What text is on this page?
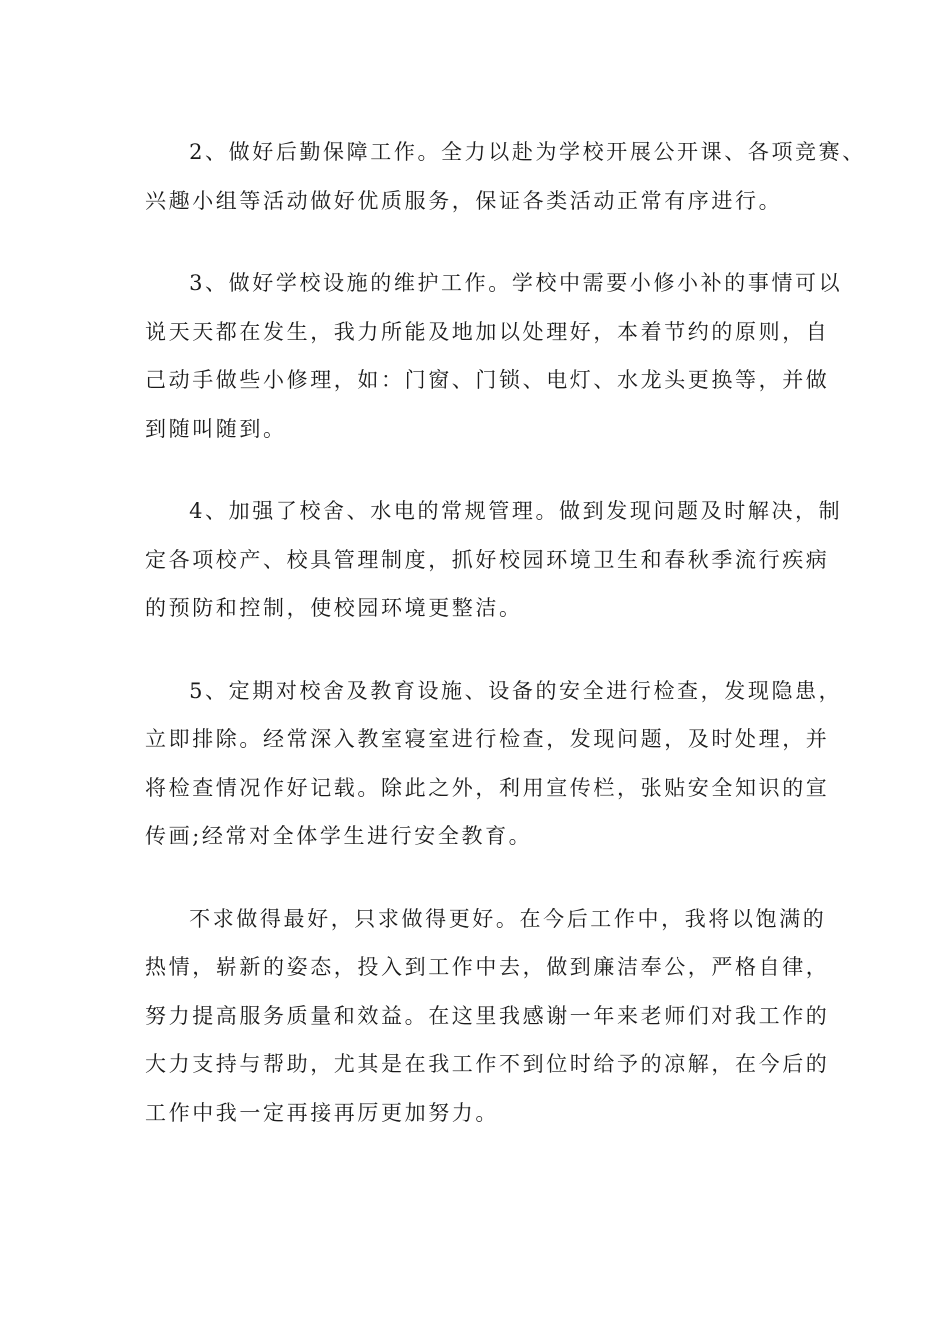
2、做好后勤保障工作。全力以赴为学校开展公开课、各项竞赛、
兴趣小组等活动做好优质服务，保证各类活动正常有序进行。
3、做好学校设施的维护工作。学校中需要小修小补的事情可以
说天天都在发生，我力所能及地加以处理好，本着节约的原则，自
己动手做些小修理，如：门窗、门锁、电灯、水龙头更换等，并做
到随叫随到。
4、加强了校舍、水电的常规管理。做到发现问题及时解决，制
定各项校产、校具管理制度，抓好校园环境卫生和春秋季流行疾病
的预防和控制，使校园环境更整洁。
5、定期对校舍及教育设施、设备的安全进行检查，发现隐患，
立即排除。经常深入教室寝室进行检查，发现问题，及时处理，并
将检查情况作好记载。除此之外，利用宣传栏，张贴安全知识的宣
传画;经常对全体学生进行安全教育。
不求做得最好，只求做得更好。在今后工作中，我将以饱满的
热情，崭新的姿态，投入到工作中去，做到廉洁奉公，严格自律，
努力提高服务质量和效益。在这里我感谢一年来老师们对我工作的
大力支持与帮助，尤其是在我工作不到位时给予的凉解，在今后的
工作中我一定再接再厉更加努力。
